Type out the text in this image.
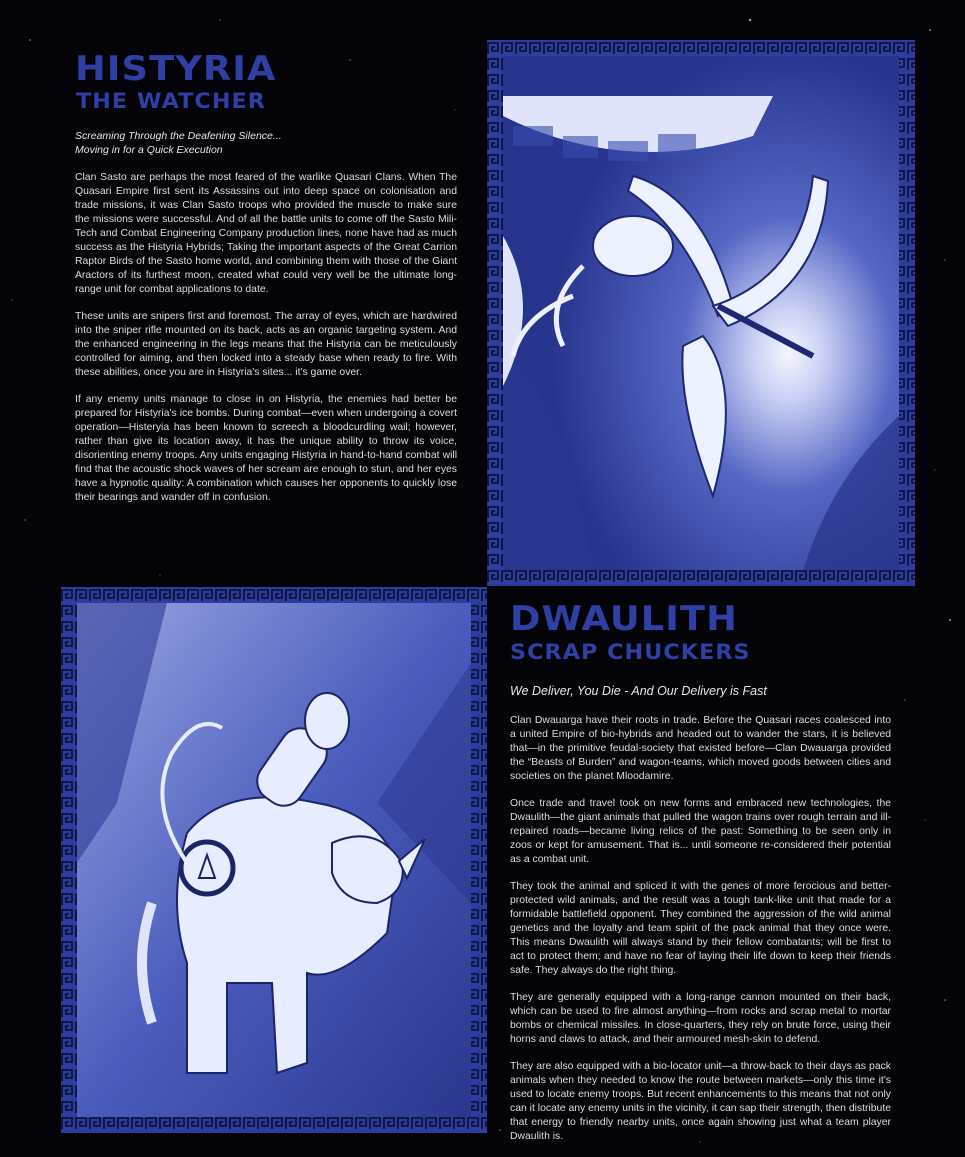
HISTYRIA
THE WATCHER

Screaming Through the Deafening Silence...

Moving in for a Quick Execution

Clan Sasto are perhaps the most feared of the warlike Quasari Clans. When The Quasari Empire first sent its Assassins out into deep space on colonisation and trade missions, it was Clan Sasto troops who provided the muscle to make sure the missions were successful. And of all the battle units to come off the Sasto Mili-Tech and Combat Engineering Company production lines, none have had as much success as the Histyria Hybrids; Taking the important aspects of the Great Carrion Raptor Birds of the Sasto home world, and combining them with those of the Giant Aractors of its furthest moon, created what could very well be the ultimate long-range unit for combat applications to date.

These units are snipers first and foremost. The array of eyes, which are hardwired into the sniper rifle mounted on its back, acts as an organic targeting system. And the enhanced engineering in the legs means that the Histyria can be meticulously controlled for aiming, and then locked into a steady base when ready to fire. With these abilities, once you are in Histyria's sites... it's game over.

If any enemy units manage to close in on Histyria, the enemies had better be prepared for Histyria's ice bombs. During combat—even when undergoing a covert operation—Histeryia has been known to screech a bloodcurdling wail; however, rather than give its location away, it has the unique ability to throw its voice, disorienting enemy troops. Any units engaging Histyria in hand-to-hand combat will find that the acoustic shock waves of her scream are enough to stun, and her eyes have a hypnotic quality: A combination which causes her opponents to quickly lose their bearings and wander off in confusion.

DWAULITH
SCRAP CHUCKERS

We Deliver, You Die - And Our Delivery is Fast

Clan Dwauarga have their roots in trade. Before the Quasari races coalesced into a united Empire of bio-hybrids and headed out to wander the stars, it is believed that—in the primitive feudal-society that existed before—Clan Dwauarga provided the “Beasts of Burden” and wagon-teams, which moved goods between cities and societies on the planet Mloodamire.

Once trade and travel took on new forms and embraced new technologies, the Dwaulith—the giant animals that pulled the wagon trains over rough terrain and ill-repaired roads—became living relics of the past: Something to be seen only in zoos or kept for amusement. That is... until someone re-considered their potential as a combat unit.

They took the animal and spliced it with the genes of more ferocious and better-protected wild animals, and the result was a tough tank-like unit that made for a formidable battlefield opponent. They combined the aggression of the wild animal genetics and the loyalty and team spirit of the pack animal that they once were. This means Dwaulith will always stand by their fellow combatants; will be first to act to protect them; and have no fear of laying their life down to keep their friends safe. They always do the right thing.

They are generally equipped with a long-range cannon mounted on their back, which can be used to fire almost anything—from rocks and scrap metal to mortar bombs or chemical missiles. In close-quarters, they rely on brute force, using their horns and claws to attack, and their armoured mesh-skin to defend.

They are also equipped with a bio-locator unit—a throw-back to their days as pack animals when they needed to know the route between markets—only this time it's used to locate enemy troops. But recent enhancements to this means that not only can it locate any enemy units in the vicinity, it can sap their strength, then distribute that energy to friendly nearby units, once again showing just what a team player Dwaulith is.
